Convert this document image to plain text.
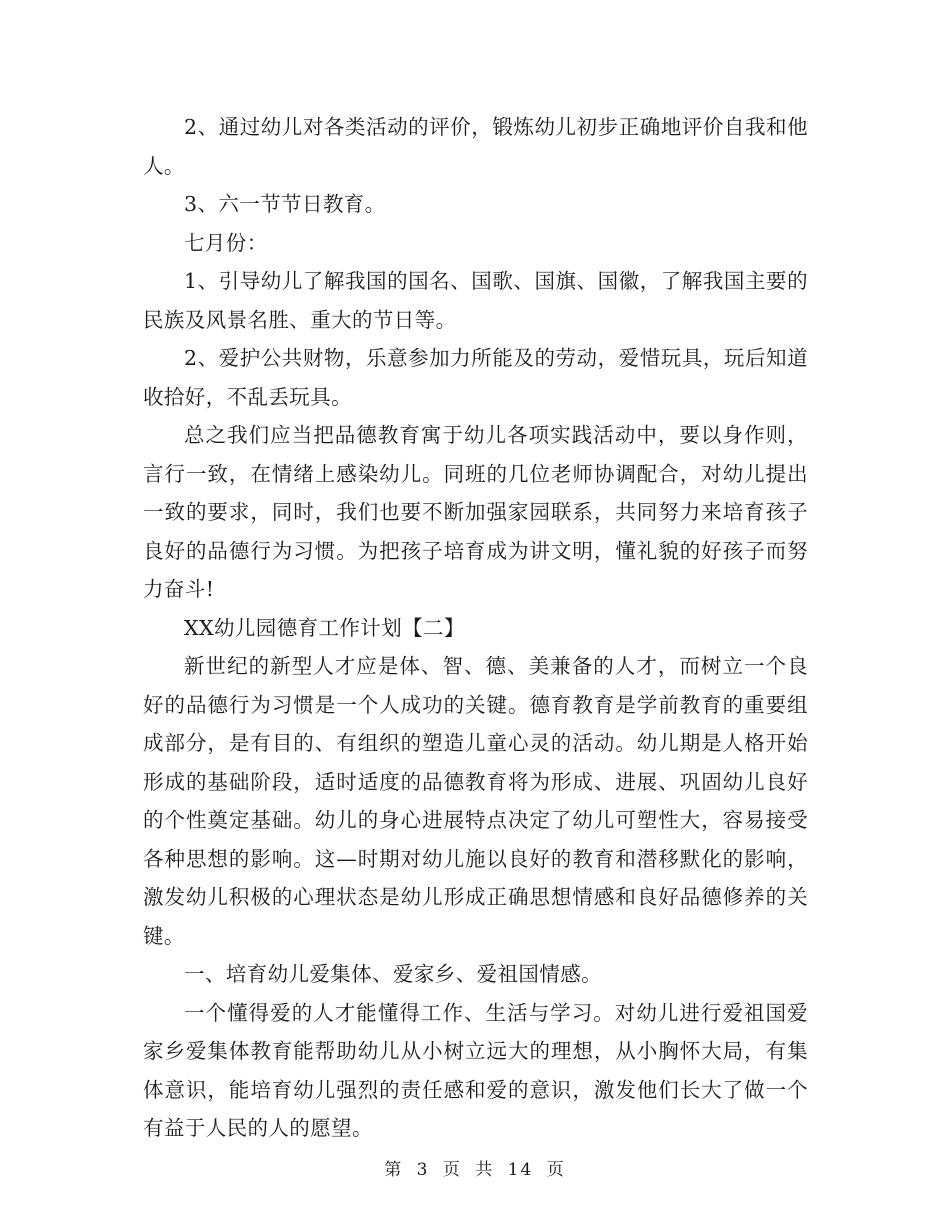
2、通过幼儿对各类活动的评价，锻炼幼儿初步正确地评价自我和他人。

3、六一节节日教育。

七月份：

1、引导幼儿了解我国的国名、国歌、国旗、国徽，了解我国主要的民族及风景名胜、重大的节日等。

2、爱护公共财物，乐意参加力所能及的劳动，爱惜玩具，玩后知道收拾好，不乱丢玩具。

总之我们应当把品德教育寓于幼儿各项实践活动中，要以身作则，言行一致，在情绪上感染幼儿。同班的几位老师协调配合，对幼儿提出一致的要求，同时，我们也要不断加强家园联系，共同努力来培育孩子良好的品德行为习惯。为把孩子培育成为讲文明，懂礼貌的好孩子而努力奋斗!

XX幼儿园德育工作计划【二】

新世纪的新型人才应是体、智、德、美兼备的人才，而树立一个良好的品德行为习惯是一个人成功的关键。德育教育是学前教育的重要组成部分，是有目的、有组织的塑造儿童心灵的活动。幼儿期是人格开始形成的基础阶段，适时适度的品德教育将为形成、进展、巩固幼儿良好的个性奠定基础。幼儿的身心进展特点决定了幼儿可塑性大，容易接受各种思想的影响。这—时期对幼儿施以良好的教育和潜移默化的影响，激发幼儿积极的心理状态是幼儿形成正确思想情感和良好品德修养的关键。

一、培育幼儿爱集体、爱家乡、爱祖国情感。

一个懂得爱的人才能懂得工作、生活与学习。对幼儿进行爱祖国爱家乡爱集体教育能帮助幼儿从小树立远大的理想，从小胸怀大局，有集体意识，能培育幼儿强烈的责任感和爱的意识，激发他们长大了做一个有益于人民的人的愿望。

第 3 页 共 14 页
